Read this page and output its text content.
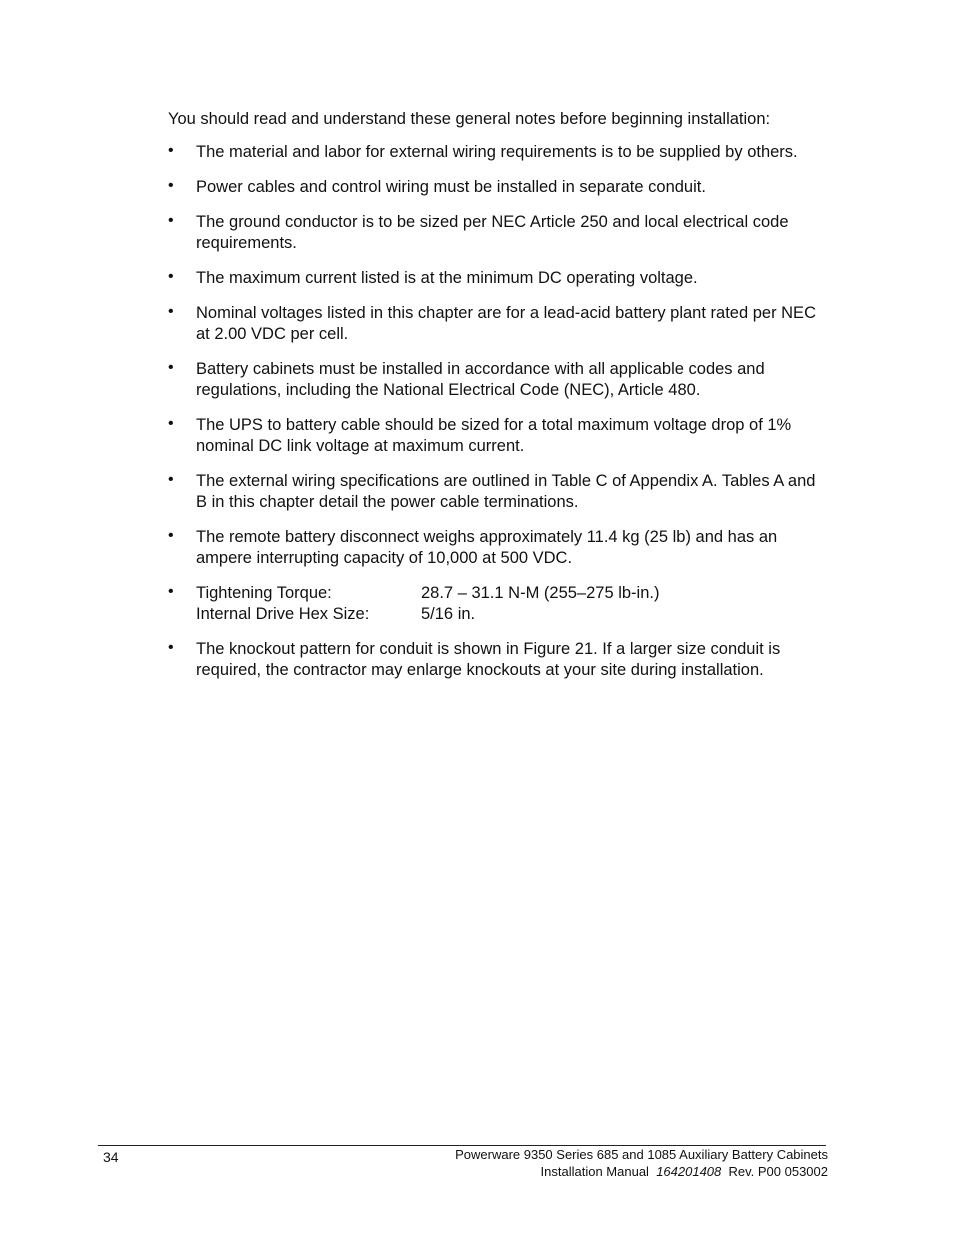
You should read and understand these general notes before beginning installation:

• The material and labor for external wiring requirements is to be supplied by others.
• Power cables and control wiring must be installed in separate conduit.
• The ground conductor is to be sized per NEC Article 250 and local electrical code requirements.
• The maximum current listed is at the minimum DC operating voltage.
• Nominal voltages listed in this chapter are for a lead-acid battery plant rated per NEC at 2.00 VDC per cell.
• Battery cabinets must be installed in accordance with all applicable codes and regulations, including the National Electrical Code (NEC), Article 480.
• The UPS to battery cable should be sized for a total maximum voltage drop of 1% nominal DC link voltage at maximum current.
• The external wiring specifications are outlined in Table C of Appendix A. Tables A and B in this chapter detail the power cable terminations.
• The remote battery disconnect weighs approximately 11.4 kg (25 lb) and has an ampere interrupting capacity of 10,000 at 500 VDC.
• Tightening Torque:	28.7 – 31.1 N-M (255–275 lb-in.)
Internal Drive Hex Size:	5/16 in.
• The knockout pattern for conduit is shown in Figure 21. If a larger size conduit is required, the contractor may enlarge knockouts at your site during installation.
34	Powerware 9350 Series 685 and 1085 Auxiliary Battery Cabinets
Installation Manual 164201408 Rev. P00 053002
